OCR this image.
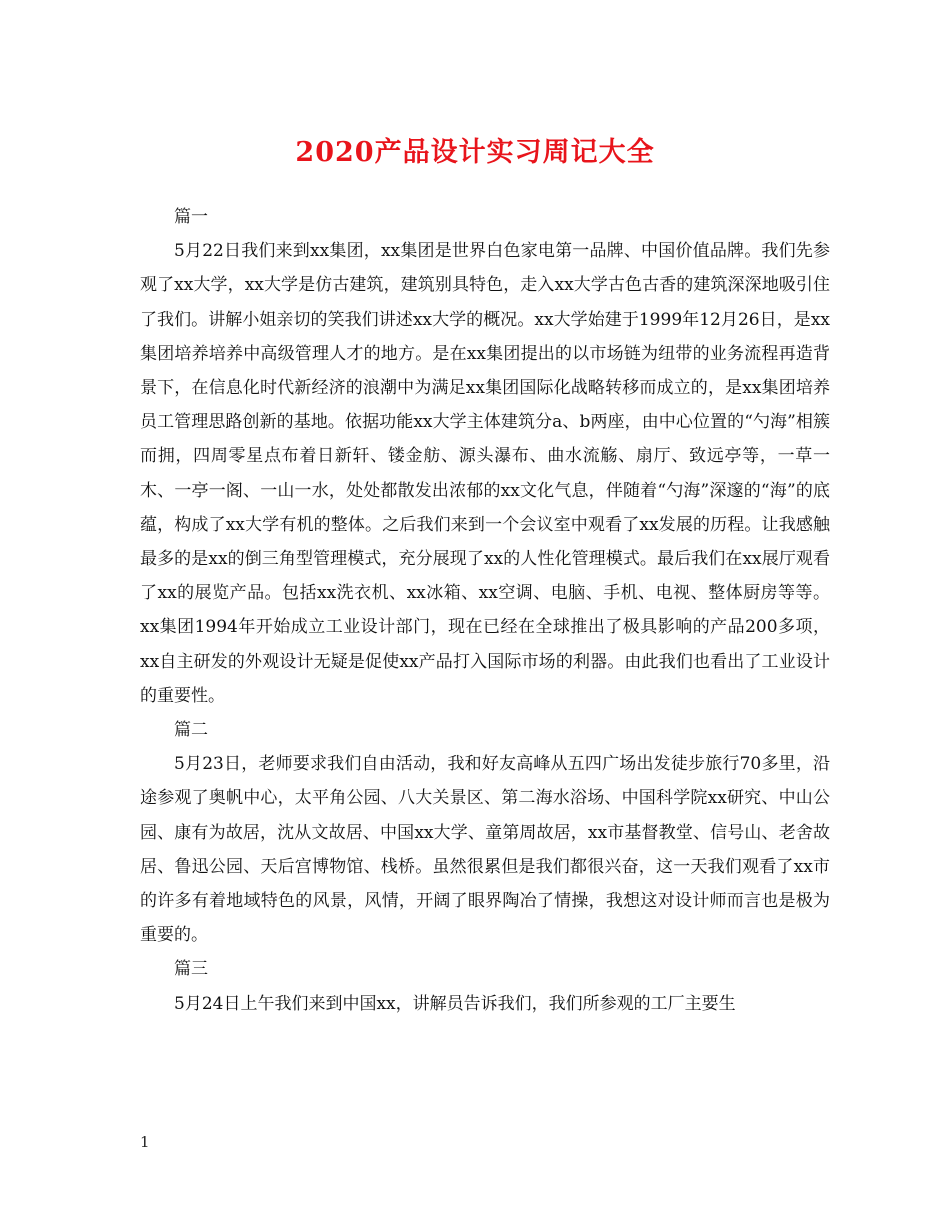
2020产品设计实习周记大全

篇一

5月22日我们来到xx集团，xx集团是世界白色家电第一品牌、中国价值品牌。我们先参观了xx大学，xx大学是仿古建筑，建筑别具特色，走入xx大学古色古香的建筑深深地吸引住了我们。讲解小姐亲切的笑我们讲述xx大学的概况。xx大学始建于1999年12月26日，是xx集团培养培养中高级管理人才的地方。是在xx集团提出的以市场链为纽带的业务流程再造背景下，在信息化时代新经济的浪潮中为满足xx集团国际化战略转移而成立的，是xx集团培养员工管理思路创新的基地。依据功能xx大学主体建筑分a、b两座，由中心位置的“勺海”相簇而拥，四周零星点布着日新轩、镂金舫、源头瀑布、曲水流觞、扇厅、致远亭等，一草一木、一亭一阁、一山一水，处处都散发出浓郁的xx文化气息，伴随着“勺海”深邃的“海”的底蕴，构成了xx大学有机的整体。之后我们来到一个会议室中观看了xx发展的历程。让我感触最多的是xx的倒三角型管理模式，充分展现了xx的人性化管理模式。最后我们在xx展厅观看了xx的展览产品。包括xx洗衣机、xx冰箱、xx空调、电脑、手机、电视、整体厨房等等。xx集团1994年开始成立工业设计部门，现在已经在全球推出了极具影响的产品200多项，xx自主研发的外观设计无疑是促使xx产品打入国际市场的利器。由此我们也看出了工业设计的重要性。

篇二

5月23日，老师要求我们自由活动，我和好友高峰从五四广场出发徒步旅行70多里，沿途参观了奥帆中心，太平角公园、八大关景区、第二海水浴场、中国科学院xx研究、中山公园、康有为故居，沈从文故居、中国xx大学、童第周故居，xx市基督教堂、信号山、老舍故居、鲁迅公园、天后宫博物馆、栈桥。虽然很累但是我们都很兴奋，这一天我们观看了xx市的许多有着地域特色的风景，风情，开阔了眼界陶冶了情操，我想这对设计师而言也是极为重要的。

篇三

5月24日上午我们来到中国xx，讲解员告诉我们，我们所参观的工厂主要生

1
